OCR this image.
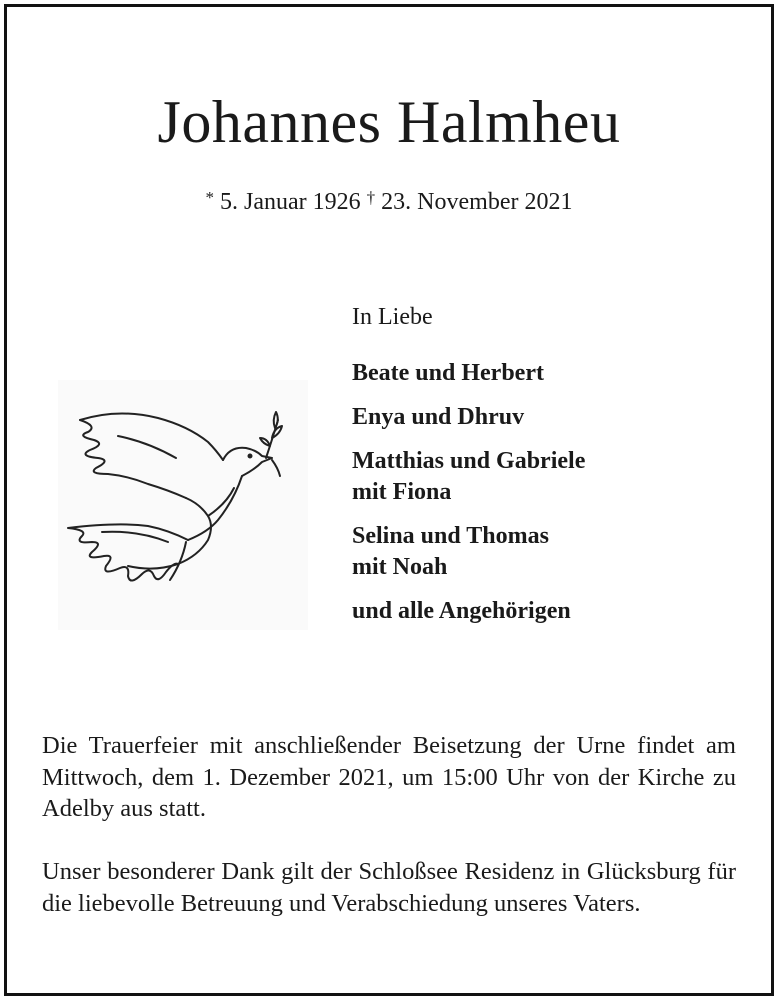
Johannes Halmheu
* 5. Januar 1926 † 23. November 2021
In Liebe
Beate und Herbert
Enya und Dhruv
Matthias und Gabriele
mit Fiona
Selina und Thomas
mit Noah
und alle Angehörigen
Die Trauerfeier mit anschließender Beisetzung der Urne findet am Mittwoch, dem 1. Dezember 2021, um 15:00 Uhr von der Kirche zu Adelby aus statt.
Unser besonderer Dank gilt der Schloßsee Residenz in Glücksburg für die liebevolle Betreuung und Verabschiedung unseres Vaters.
